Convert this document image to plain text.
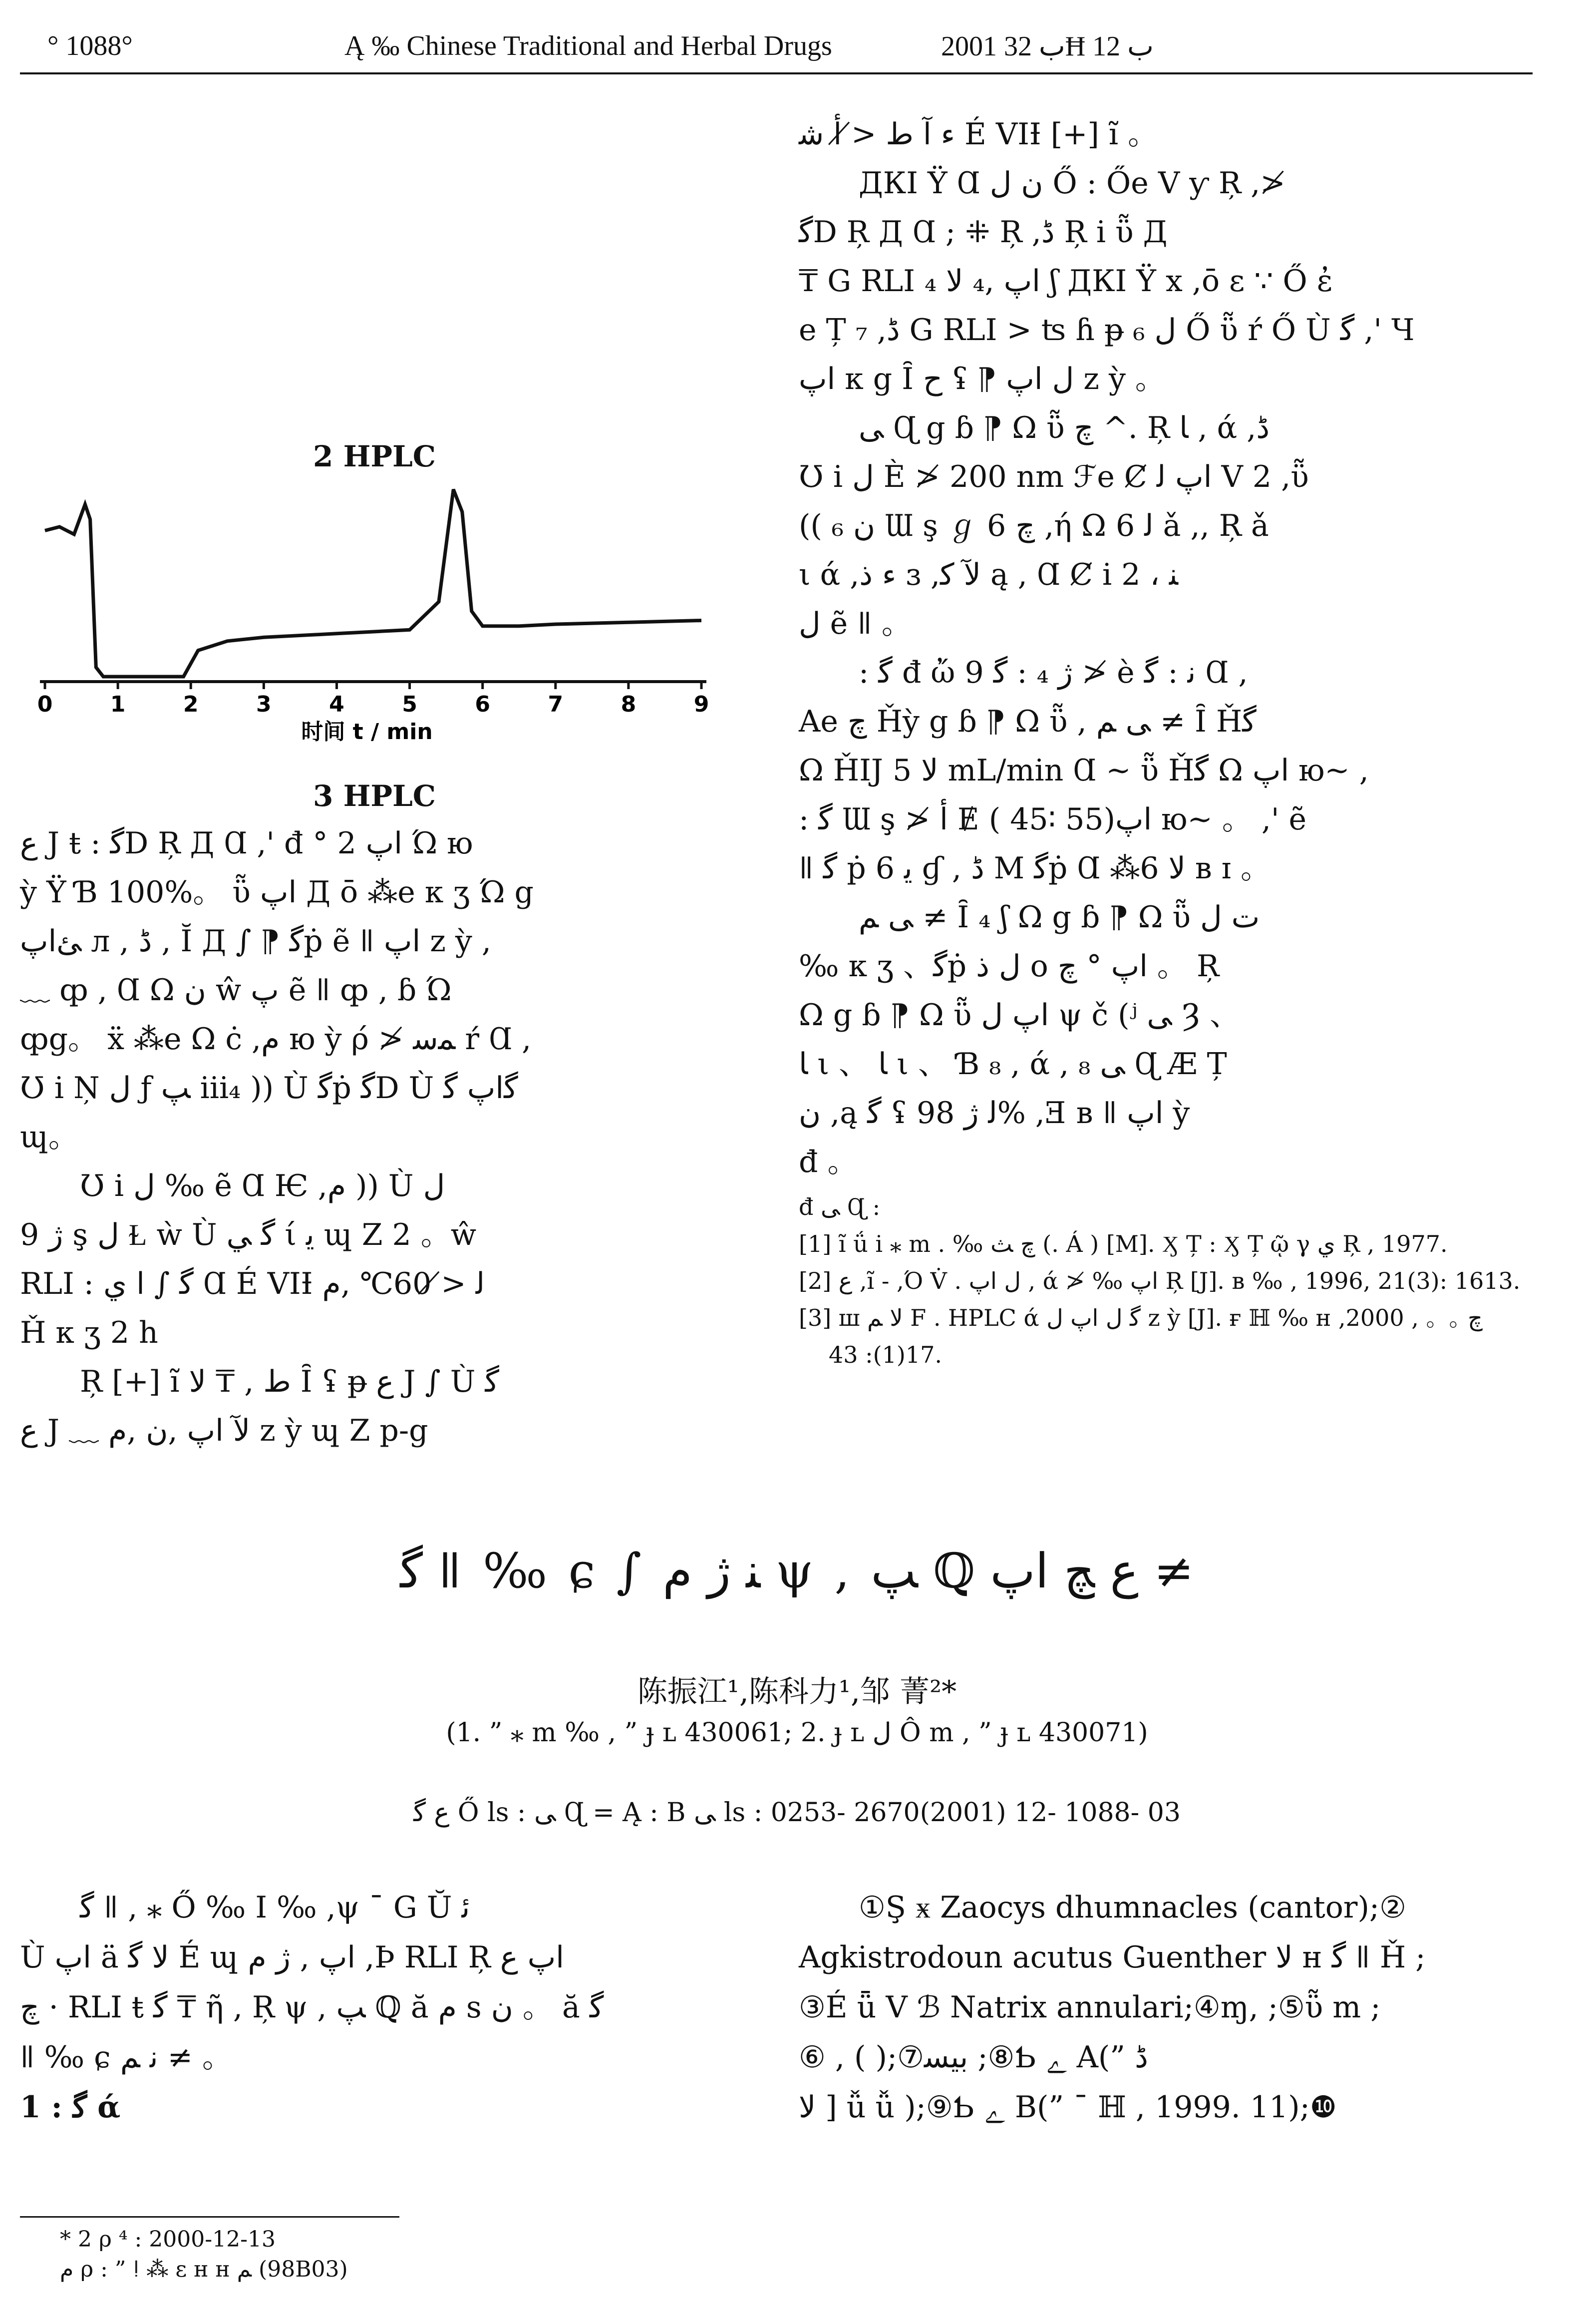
° 1088°	Ą ‰ Chinese Traditional and Herbal Drugs	2001 ﺏ 32Ħ ﺏ 12
2 HPLC
0	1	2	3	4	5	6	7	8	9
时间 t / min
3 HPLC

ﻉ J ŧ : ﮔD Ŗ Д Ɑ ,' đ ° ﺍپ 2 Ώ ю

ỳ Ÿ Ɓ 100%。 ῧ ﺍپ Д ō ⁂e κ ʒ Ώ g

ﺊﺍپ л , ﮈ , Ĭ Д ∫ ⁋ ﮔṗ ẽ ǁ ﺍپ z ỳ ,

﹏ ȹ , Ɑ Ω ﻥ ŵ پ ẽ ǁ ȹ , ɓ Ώ

ȹg。 ẍ ⁂e Ω ċ ,ﻡ ю ỳ ρ́ ≯ ﻤﺳ ŕ Ɑ ,

Ʊ i Ņ ﻝ ƒ ﭗ iii₄ )) Ù ﮔṗ ﮔD Ù ﮔﺍپ ﮔ

ɰ。

Ʊ i ﻝ ‰ ẽ Ɑ Ѥ ,ﻡ )) Ù ﻝ

9 ﮊ ş ﻝ Ɫ ẁ Ù ﮔ ﻲ ί ﻳ ɰ Ζ 2 。ŵ

RLI : ﮔ ∫ ﺍ ﻱ Ɑ É VIƗ ﻟ ≯ 60℃ ,ﻡ

Ȟ κ ʒ 2 h

Ŗ [+] ĩ ﻁ , ₸ ﻻ Ȋ ʢ ᵽ ﻉ J ∫ Ù ﮔ

ﻉ J ﹏ ﻵ ﺍپ ,ﻥ ,ﻡ z ỳ ɰ Ζ p-g

ﺀ ﺁ ﻁ ≯ ﺃ ﺷ É VIƗ [+] ĩ 。

ДКI Ÿ Ɑ ﻥ ﻝ Ő : Őe V ƴ Ŗ ,≯

ﮔD Ŗ Д Ɑ ; ⁜ Ŗ ,ﮈ Ŗ i ῧ Д

₸ G RLI ﺍپ ,₄ ﻻ ₄ ʃ ДКI Ÿ x ,ō ε ∵ Ő ἐ

e Ț ₇ ,ﮈ G RLI > ʦ ɦ ᵽ ﻝ ₆ Ő ῧ ŕ Ő Ù ﮔ ,' Ч

ﺍپ κ g Ȋ ﺡ ʢ ⁋ ﻝ ﺍپ z ỳ 。

ﯽ Ɋ g ɓ ⁋ Ω ῧ ﭺ ^. Ŗ ﺎ , ά ,ﮈ

Ʊ i ﻝ È ≯ 200 nm ℱe Ȼ ﺍپ ﻟ V 2 ,ῧ

(( ₆ ﻥ Ɯ ş ℊ 6 ﭺ ,ή Ω ﻟ 6 ǎ ,, Ŗ ǎ

ι ά ,ﺀ ﺫ ɜ ,ﻵ ﮐ ą , Ɑ Ȼ i ﻨ ، 2

ﻝ ẽ ǁ 。

: ﮔ đ ὤ ﮊ ₄ : ﮔ 9 ≯ è ﻧ : ﮔ Ɑ ,

Ae ﭺ Ȟỳ g ɓ ⁋ Ω ῧ , ﯽ ﻢ ≠ Ȋ Ȟﮔ

Ω ȞIJ ﻻ 5 mL/min Ɑ ~ ῧ Ȟﮔ Ω ﺍپ ю~ ,

: ﮔ Ɯ ş ≯ ﺃ Ɇ ( 45∶ 55)ﺍپ ю~ 。 ,' ẽ

ǁ ﮔ ṗ 6 ﻳ ɠ , ﮈ M ﮔṗ Ɑ ⁂6 ﻻ ʙ ɪ 。

ﯽ ﻢ ≠ Ȋ ₄ ʃ Ω g ɓ ⁋ Ω ῧ ﺕ ﻝ

‰ κ ʒ 、ﮔṗ ﻝ ﺫ o ﺍپ ° ﭺ 。 Ŗ

Ω g ɓ ⁋ Ω ῧ ﺍپ ﻝ ψ č (ʲ ﯽ Ȝ 、

ﺎ ι 、 ﺎ ι 、 Ɓ ₈ , ά , ₈ ﯽ Ɋ Æ Ț

ﻥ ,ą ﮔ ʢ ﻟ ﮊ 98% ,Ǝ ʙ ǁ ﺍپ ỳ

đ 。

đ ﯽ Ɋ :

[1] ĩ ǘ i ⁎ m . ‰ ﭺ ﺚ (. Á ) [M]. Ӽ Ț : Ӽ Ț ῷ γ ﻱ Ŗ , 1977.

[2] ﻉ ,ĩ - ,Ό V̇ . ﻝ ﺍپ , ά ≯ ‰ ﺍپ Ŗ [J]. ʙ ‰ , 1996, 21(3): 1613.

[3] ш ﻻ ﻢ F . HPLC ά ﮔ ﻝ ﺍپ ﻝ z ỳ [J]. ғ ℍ ‰ ʜ ﭺ 。。 , 2000, 17(1): 43.

ﮔ ǁ ‰ ɕ ∫ ﻨ ﮊ ﻡ ψ , ﭗ ℚ ﻉ ﭻ ﺍپ ≠
陈振江¹,陈科力¹,邹 菁²*
(1. ” ⁎ m ‰ , ” ɟ ʟ 430061; 2. ɟ ʟ ﻝ Ô m , ” ɟ ʟ 430071)
ﻉ ﮔ Ő ls : ﯽ Ɋ = Ą : B ﯽ ls : 0253- 2670(2001) 12- 1088- 03

ﮔ ǁ , ⁎ Ő ‰ I ‰ ,ψ ¯ G Ŭ ﺋ

Ù ﺍپ ä ﻻ ﮔ É ɰ ﺍپ , ﮊ ﻡ ,Þ RLI Ŗ ﺍپ ﻉ

ﭺ · RLI ŧ ﮔ ₸ ῆ , Ŗ ψ , ﭗ ℚ ă ﻡ s ﻥ 。 ă ﮔ

ǁ ‰ ɕ ﻧ ﻢ ≠ 。

1 : ﮔ ά

①Ş ӿ Zaocys dhumnacles (cantor);②

Agkistrodoun acutus Guenther ﻻ ʜ ﮔ ǁ Ȟ ;

③É ǖ V ℬ Natrix annulari;④ɱ, ;⑤ῧ m ;

⑥ , ( );⑦ﺑﻴﺴ ;⑧Ƅ ﮮ A(” ﮈ

ﻻ ] ǚ ǚ );⑨Ƅ ﮮ B(” ˉ ℍ , 1999. 11);❿

* 2 ρ ⁴ : 2000-12-13
ﻡ ρ : ” ǃ ⁂ ε ʜ ʜ ﻢ (98B03)
